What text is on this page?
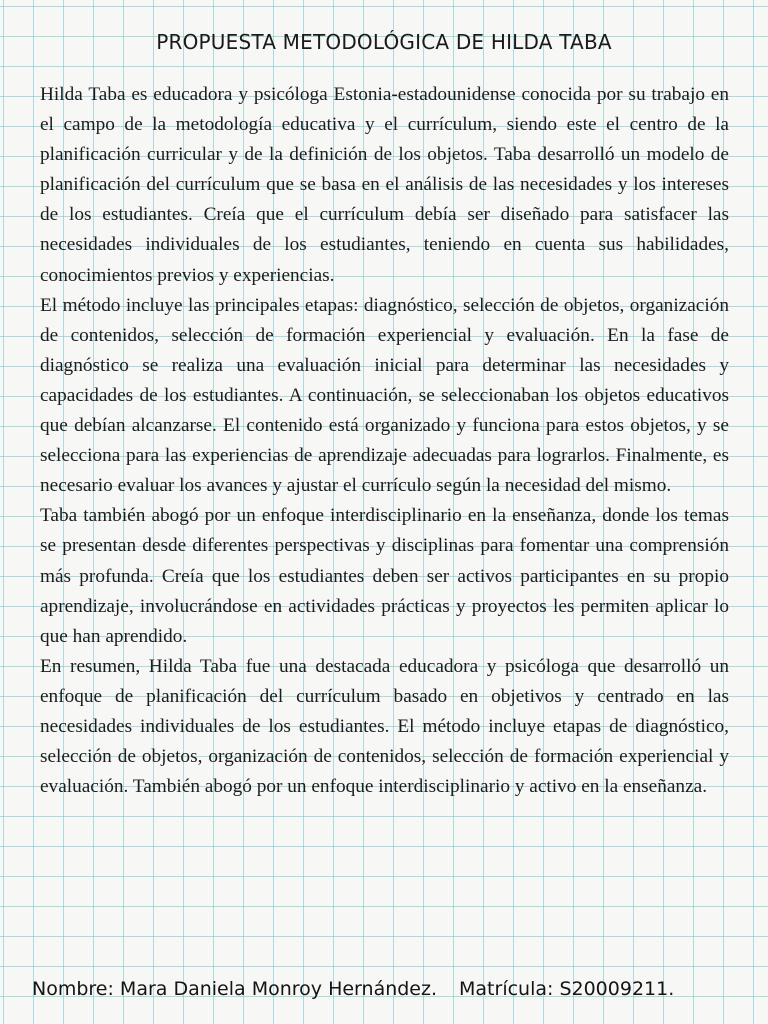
PROPUESTA METODOLÓGICA DE HILDA TABA

Hilda Taba es educadora y psicóloga Estonia-estadounidense conocida por su trabajo en el campo de la metodología educativa y el currículum, siendo este el centro de la planificación curricular y de la definición de los objetos. Taba desarrolló un modelo de planificación del currículum que se basa en el análisis de las necesidades y los intereses de los estudiantes. Creía que el currículum debía ser diseñado para satisfacer las necesidades individuales de los estudiantes, teniendo en cuenta sus habilidades, conocimientos previos y experiencias.

El método incluye las principales etapas: diagnóstico, selección de objetos, organización de contenidos, selección de formación experiencial y evaluación. En la fase de diagnóstico se realiza una evaluación inicial para determinar las necesidades y capacidades de los estudiantes. A continuación, se seleccionaban los objetos educativos que debían alcanzarse. El contenido está organizado y funciona para estos objetos, y se selecciona para las experiencias de aprendizaje adecuadas para lograrlos. Finalmente, es necesario evaluar los avances y ajustar el currículo según la necesidad del mismo.

Taba también abogó por un enfoque interdisciplinario en la enseñanza, donde los temas se presentan desde diferentes perspectivas y disciplinas para fomentar una comprensión más profunda. Creía que los estudiantes deben ser activos participantes en su propio aprendizaje, involucrándose en actividades prácticas y proyectos les permiten aplicar lo que han aprendido.

En resumen, Hilda Taba fue una destacada educadora y psicóloga que desarrolló un enfoque de planificación del currículum basado en objetivos y centrado en las necesidades individuales de los estudiantes. El método incluye etapas de diagnóstico, selección de objetos, organización de contenidos, selección de formación experiencial y evaluación. También abogó por un enfoque interdisciplinario y activo en la enseñanza.

Nombre: Mara Daniela Monroy Hernández. Matrícula: S20009211.
